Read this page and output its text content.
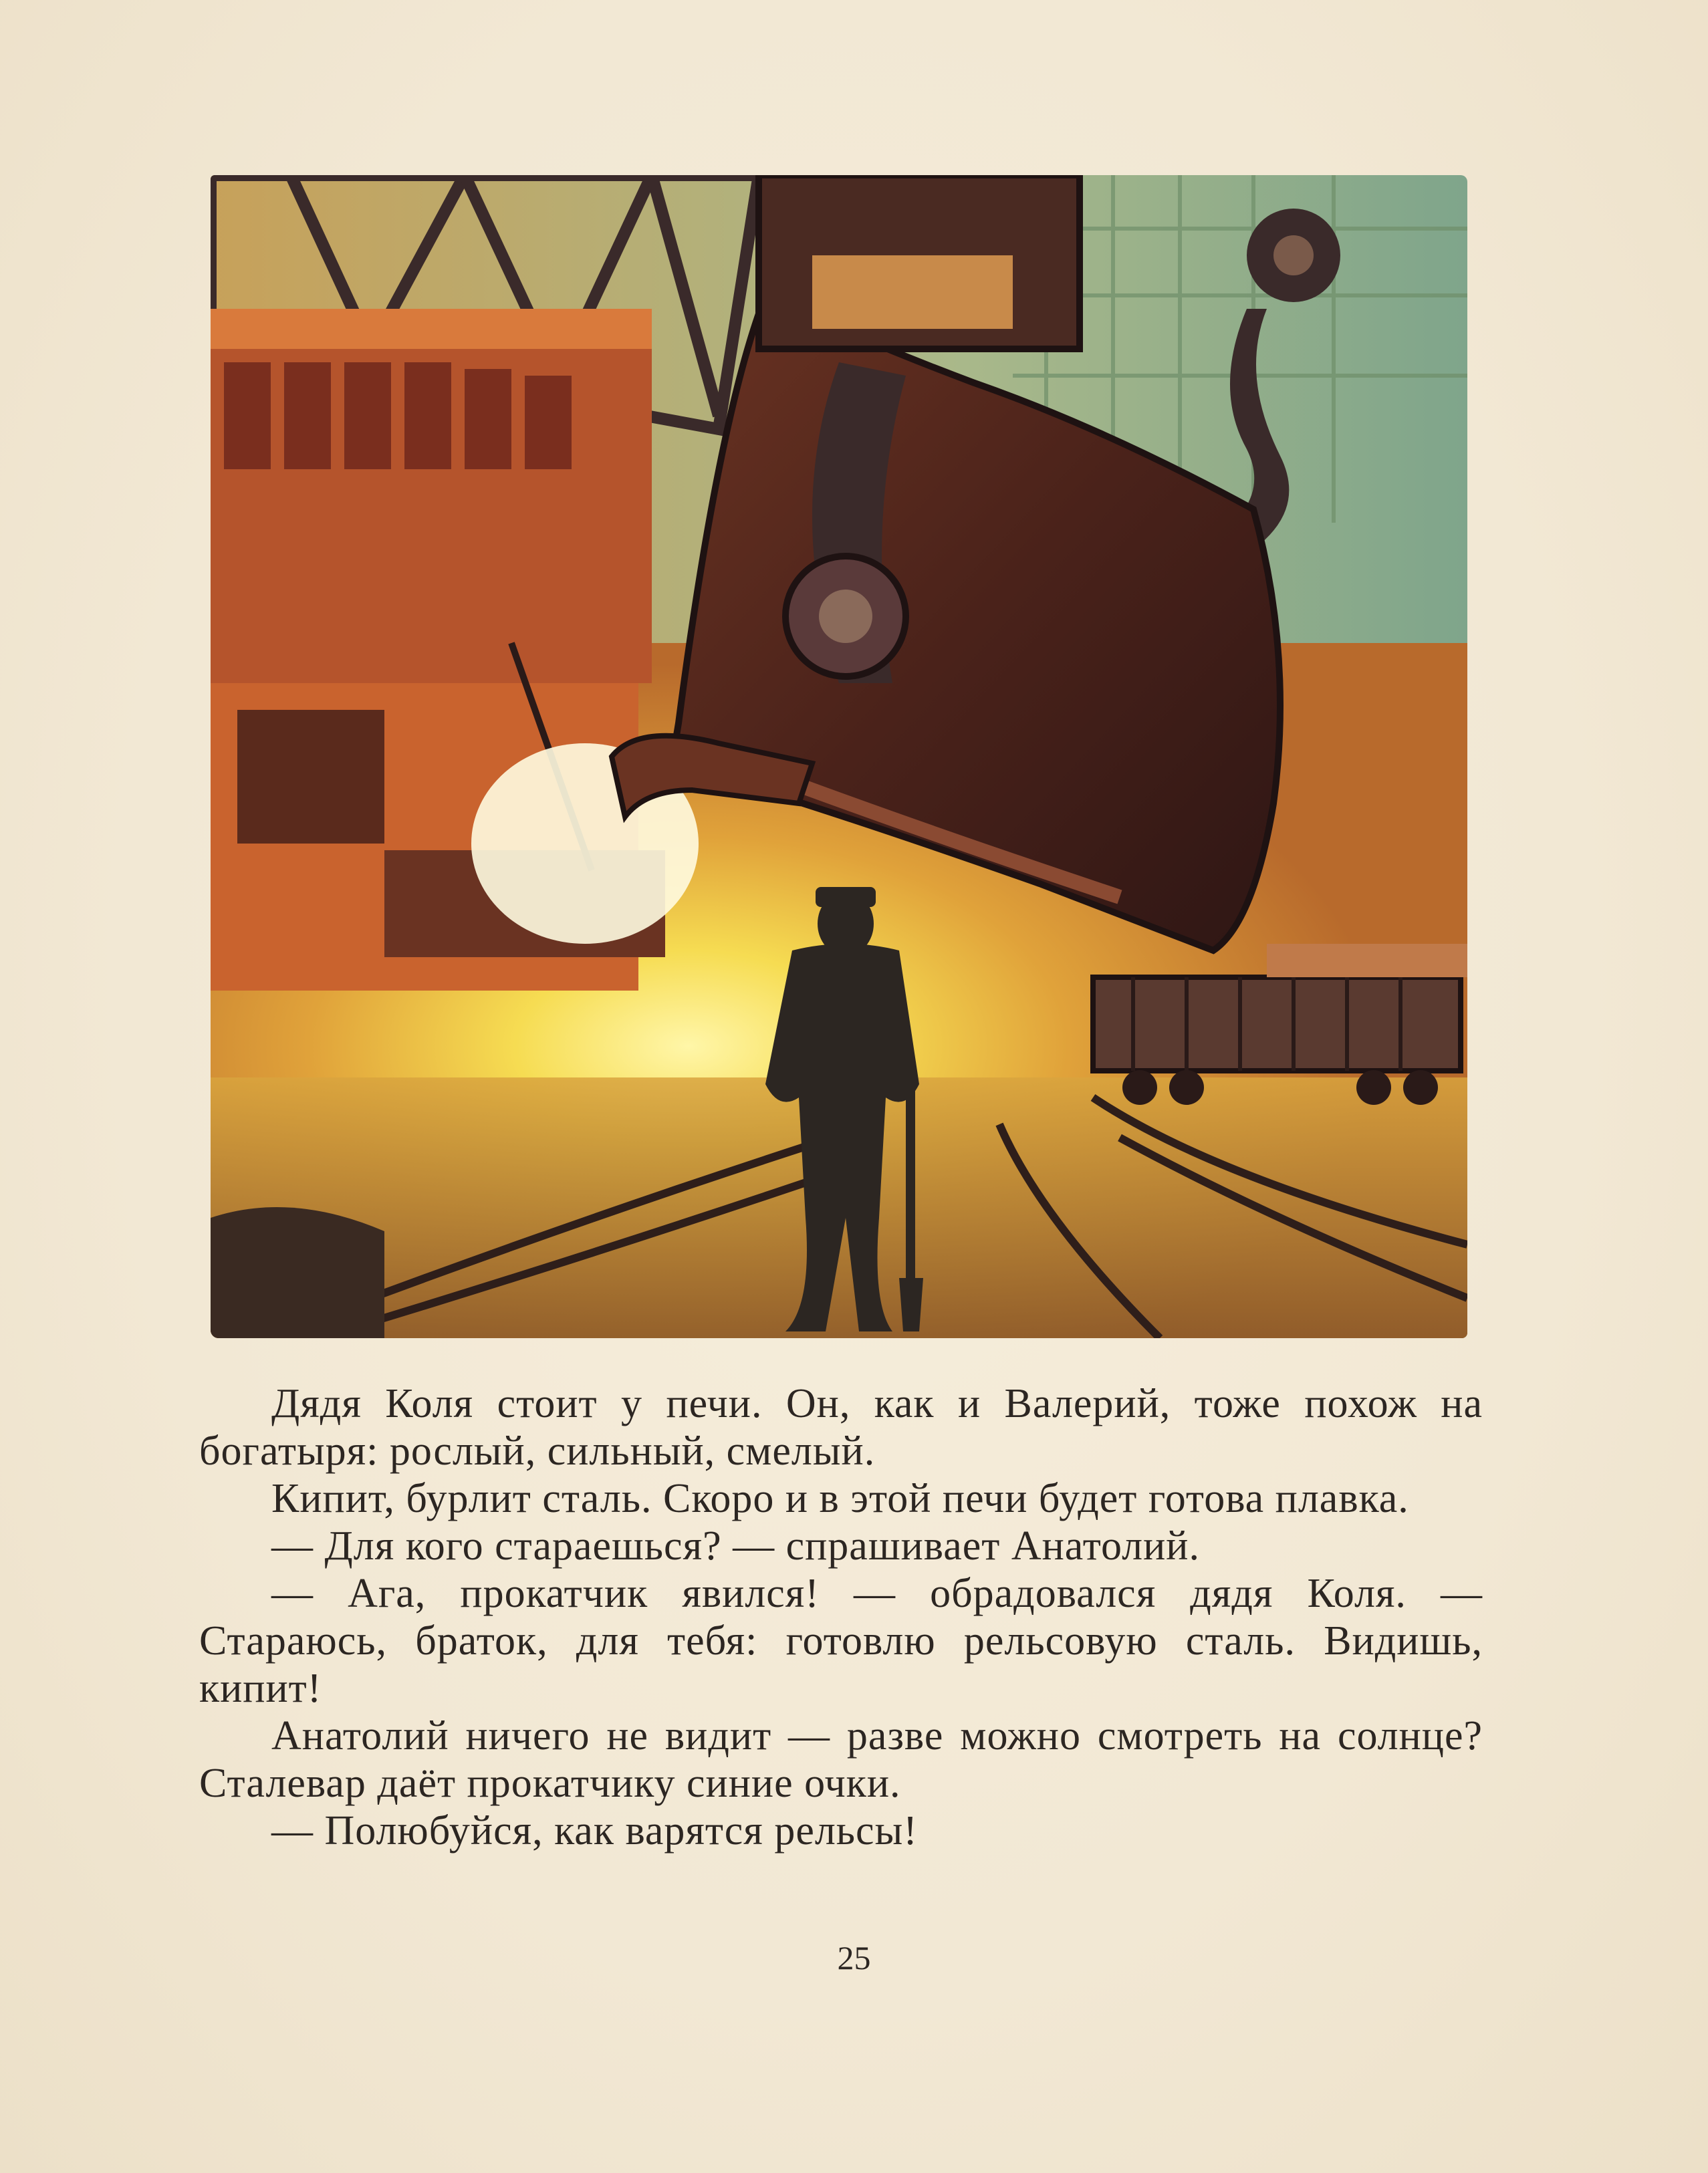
Дядя Коля стоит у печи. Он, как и Валерий, тоже похож на богатыря: рослый, сильный, смелый.

Кипит, бурлит сталь. Скоро и в этой печи будет готова плавка.

— Для кого стараешься? — спрашивает Анатолий.

— Ага, прокатчик явился! — обрадовался дядя Коля. — Стараюсь, браток, для тебя: готовлю рельсовую сталь. Видишь, кипит!

Анатолий ничего не видит — разве можно смотреть на солнце? Сталевар даёт прокатчику синие очки.

— Полюбуйся, как варятся рельсы!

25
